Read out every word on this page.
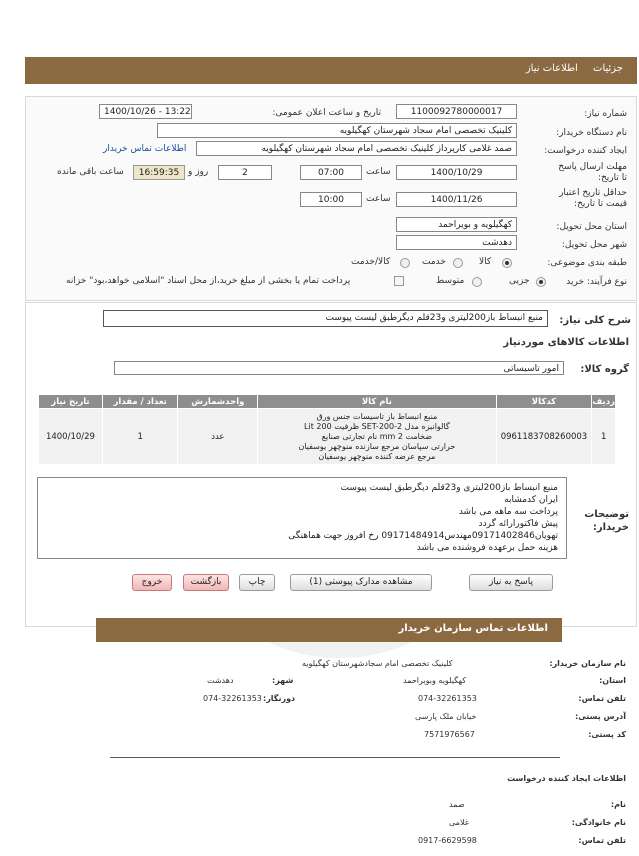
جزئیات اطلاعات نیاز
شماره نیاز:
1100092780000017
تاریخ و ساعت اعلان عمومی:
1400/10/26 - 13:22
نام دستگاه خریدار:
کلینیک تخصصی امام سجاد شهرستان کهگیلویه
ایجاد کننده درخواست:
صمد غلامی کارپرداز کلینیک تخصصی امام سجاد شهرستان کهگیلویه
اطلاعات تماس خریدار
مهلت ارسال پاسخ تا تاریخ:
1400/10/29
ساعت
07:00
2
روز و
16:59:35
ساعت باقی مانده
حداقل تاریخ اعتبار قیمت تا تاریخ:
1400/11/26
ساعت
10:00
استان محل تحویل:
کهگیلویه و بویراحمد
شهر محل تحویل:
دهدشت
طبقه بندی موضوعی:
کالا
خدمت
کالا/خدمت
نوع فرآیند: خرید
جزیی
متوسط
پرداخت تمام یا بخشی از مبلغ خرید،از محل اسناد "اسلامی خواهد،بود" خزانه
شرح کلی نیاز:
منبع انبساط باز200لیتری و23قلم دیگرطبق لیست پیوست
اطلاعات کالاهای موردنیاز
گروه کالا:
امور تاسیساتی
ردیف	کدکالا	نام کالا	واحدشمارش	تعداد / مقدار	تاریخ نیاز
1	0961183708260003	منبع انبساط باز تاسیسات جنس ورق
گالوانیزه مدل SET-200-2 ظرفیت 200 Lit
ضخامت 2 mm نام تجارتی صنایع
حرارتی سپاسان مرجع سازنده منوچهر یوسفیان
مرجع عرضه کننده منوچهر یوسفیان	عدد	1	1400/10/29
توضیحات خریدار:
منبع انبساط باز200لیتری و23قلم دیگرطبق لیست پیوست
ایران کدمشابه
پرداخت سه ماهه می باشد
پیش فاکتورارائه گردد
تهویان09171402846مهندس09171484914 رخ افروز جهت هماهنگی
هزینه حمل برعهده فروشنده می باشد
پاسخ به نیاز
مشاهده مدارک پیوستی (1)
چاپ
بازگشت
خروج
اطلاعات تماس سازمان خریدار
نام سازمان خریدار:
کلینیک تخصصی امام سجادشهرستان کهگیلویه
استان:
کهگیلویه وبویراحمد
شهر:
دهدشت
تلفن تماس:
074-32261353
دورنگار:
074-32261353
آدرس پستی:
خیابان ملک پارسی
کد پستی:
7571976567
اطلاعات ایجاد کننده درخواست
نام:
صمد
نام خانوادگی:
غلامی
تلفن تماس:
0917-6629598
